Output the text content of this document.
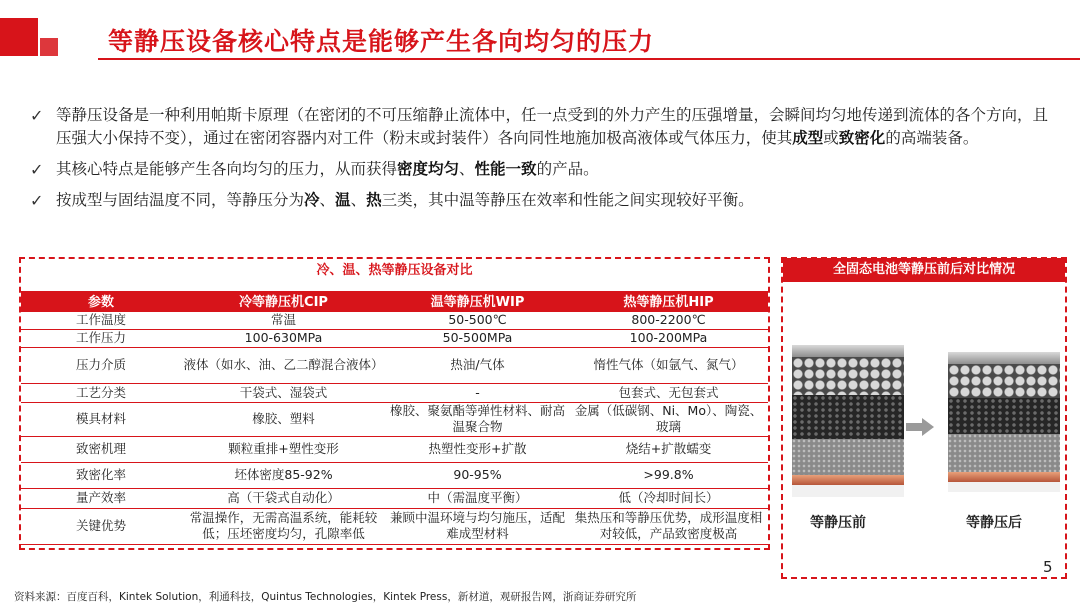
等静压设备核心特点是能够产生各向均匀的压力
✓ 等静压设备是一种利用帕斯卡原理（在密闭的不可压缩静止流体中，任一点受到的外力产生的压强增量，会瞬间均匀地传递到流体的各个方向，且压强大小保持不变），通过在密闭容器内对工件（粉末或封装件）各向同性地施加极高液体或气体压力，使其成型或致密化的高端装备。
✓ 其核心特点是能够产生各向均匀的压力，从而获得密度均匀、性能一致的产品。
✓ 按成型与固结温度不同，等静压分为冷、温、热三类，其中温等静压在效率和性能之间实现较好平衡。
冷、温、热等静压设备对比
参数	冷等静压机CIP	温等静压机WIP	热等静压机HIP
工作温度	常温	50-500℃	800-2200℃
工作压力	100-630MPa	50-500MPa	100-200MPa
压力介质	液体（如水、油、乙二醇混合液体）	热油/气体	惰性气体（如氩气、氮气）
工艺分类	干袋式、湿袋式	-	包套式、无包套式
模具材料	橡胶、塑料	橡胶、聚氨酯等弹性材料、耐高温聚合物	金属（低碳钢、Ni、Mo）、陶瓷、玻璃
致密机理	颗粒重排+塑性变形	热塑性变形+扩散	烧结+扩散蠕变
致密化率	坯体密度85-92%	90-95%	>99.8%
量产效率	高（干袋式自动化）	中（需温度平衡）	低（冷却时间长）
关键优势	常温操作，无需高温系统，能耗较低；压坯密度均匀，孔隙率低	兼顾中温环境与均匀施压，适配难成型材料	集热压和等静压优势，成形温度相对较低，产品致密度极高
全固态电池等静压前后对比情况
等静压前	等静压后
5
资料来源：百度百科，Kintek Solution，利通科技，Quintus Technologies，Kintek Press，新材道，观研报告网，浙商证券研究所
